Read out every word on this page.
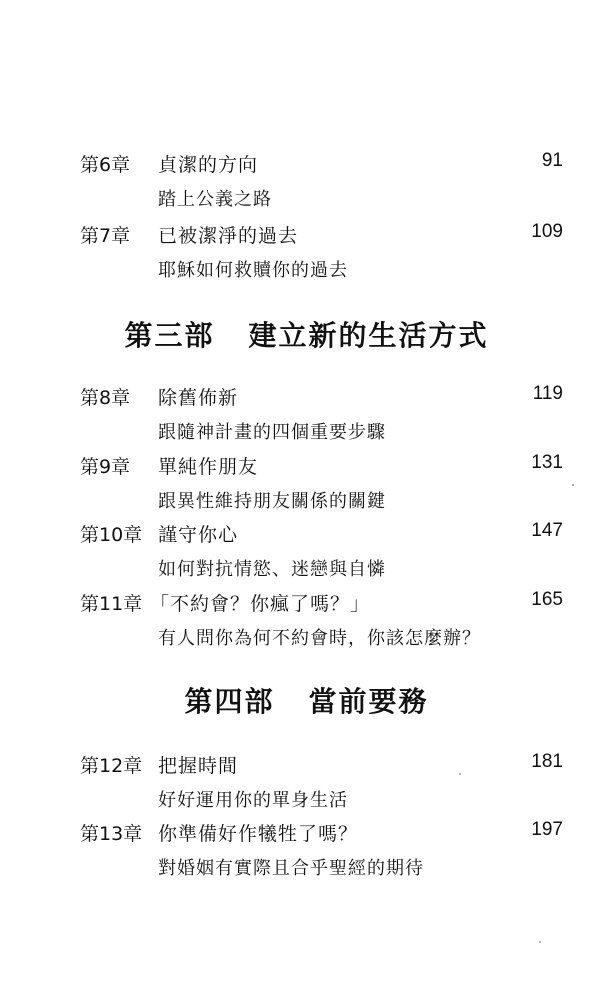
第6章 貞潔的方向	91
踏上公義之路
第7章 已被潔淨的過去	109
耶穌如何救贖你的過去
第三部 建立新的生活方式
第8章 除舊佈新	119
跟隨神計畫的四個重要步驟
第9章 單純作朋友	131
跟異性維持朋友關係的關鍵
第10章 謹守你心	147
如何對抗情慾、迷戀與自憐
第11章 「不約會？你瘋了嗎？」	165
有人問你為何不約會時，你該怎麼辦？
第四部 當前要務
第12章 把握時間	181
好好運用你的單身生活
第13章 你準備好作犧牲了嗎？	197
對婚姻有實際且合乎聖經的期待
